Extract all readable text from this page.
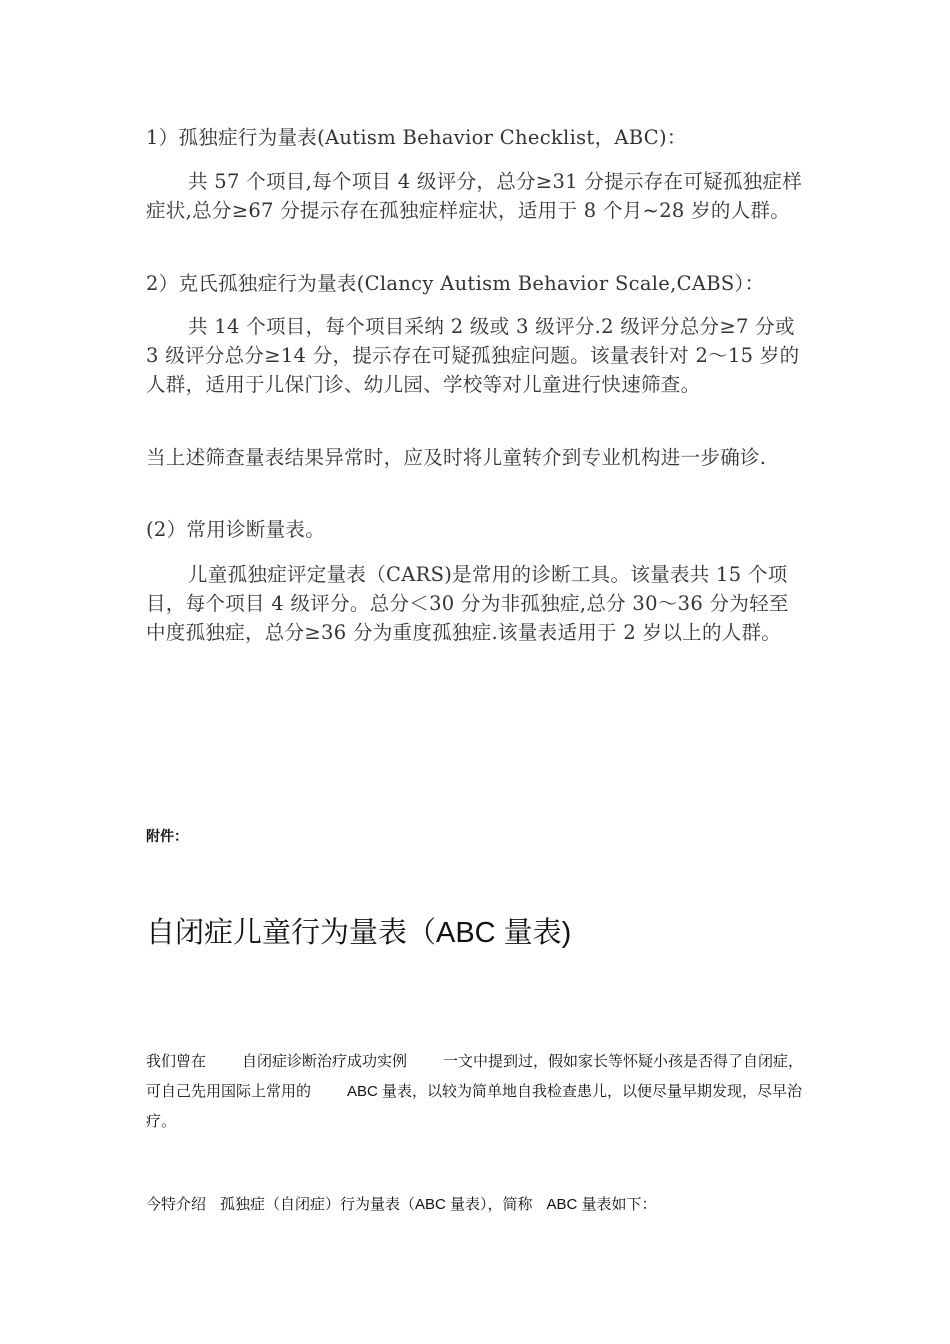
1）孤独症行为量表(Autism Behavior Checklist，ABC)：

共 57 个项目,每个项目 4 级评分，总分≥31 分提示存在可疑孤独症样症状,总分≥67 分提示存在孤独症样症状，适用于 8 个月~28 岁的人群。

2）克氏孤独症行为量表(Clancy Autism Behavior Scale,CABS）：

共 14 个项目，每个项目采纳 2 级或 3 级评分.2 级评分总分≥7 分或 3 级评分总分≥14 分，提示存在可疑孤独症问题。该量表针对 2～15 岁的人群，适用于儿保门诊、幼儿园、学校等对儿童进行快速筛查。

当上述筛查量表结果异常时，应及时将儿童转介到专业机构进一步确诊.

(2）常用诊断量表。

儿童孤独症评定量表（CARS)是常用的诊断工具。该量表共 15 个项目，每个项目 4 级评分。总分＜30 分为非孤独症,总分 30～36 分为轻至中度孤独症，总分≥36 分为重度孤独症.该量表适用于 2 岁以上的人群。

附件：

自闭症儿童行为量表（ABC 量表)

我们曾在 自闭症诊断治疗成功实例 一文中提到过，假如家长等怀疑小孩是否得了自闭症，可自己先用国际上常用的 ABC 量表，以较为简单地自我检查患儿，以便尽量早期发现，尽早治疗。

今特介绍 孤独症（自闭症）行为量表（ABC 量表），简称 ABC 量表如下：
